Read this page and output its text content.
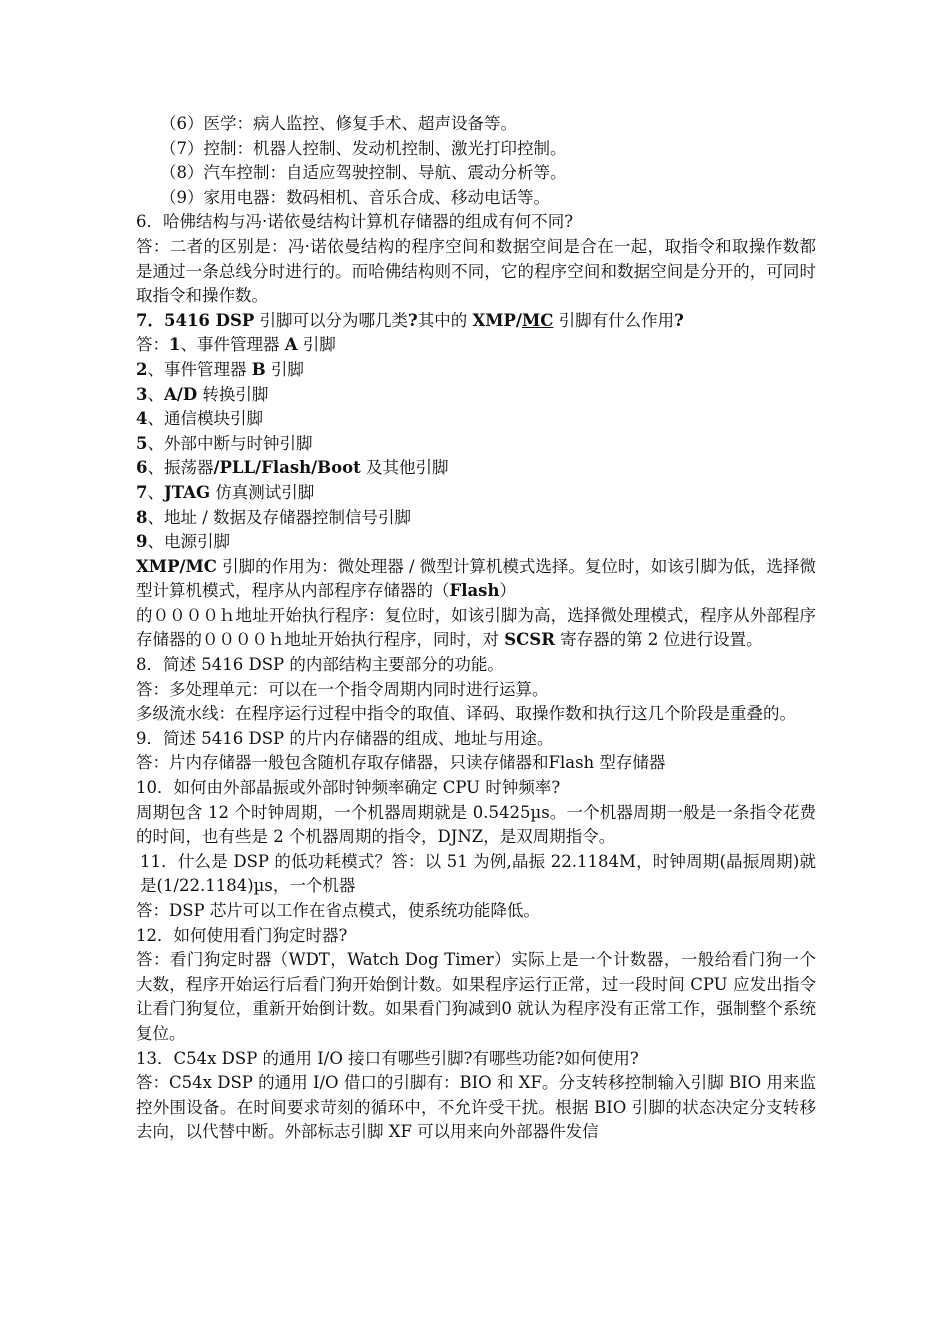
（6）医学：病人监控、修复手术、超声设备等。

（7）控制：机器人控制、发动机控制、激光打印控制。

（8）汽车控制：自适应驾驶控制、导航、震动分析等。

（9）家用电器：数码相机、音乐合成、移动电话等。

6．哈佛结构与冯·诺依曼结构计算机存储器的组成有何不同?

答：二者的区别是：冯·诺依曼结构的程序空间和数据空间是合在一起，取指令和取操作数都是通过一条总线分时进行的。而哈佛结构则不同，它的程序空间和数据空间是分开的，可同时取指令和操作数。

7．5416 DSP 引脚可以分为哪几类?其中的 XMP/MC 引脚有什么作用?

答：1、事件管理器 A 引脚

2、事件管理器 B 引脚

3、A/D 转换引脚

4、通信模块引脚

5、外部中断与时钟引脚

6、振荡器/PLL/Flash/Boot 及其他引脚

7、JTAG 仿真测试引脚

8、地址 / 数据及存储器控制信号引脚

9、电源引脚

XMP/MC 引脚的作用为：微处理器 / 微型计算机模式选择。复位时，如该引脚为低，选择微型计算机模式，程序从内部程序存储器的（Flash）

的００００ｈ地址开始执行程序：复位时，如该引脚为高，选择微处理模式，程序从外部程序存储器的００００ｈ地址开始执行程序，同时，对 SCSR 寄存器的第 2 位进行设置。

8．简述 5416 DSP 的内部结构主要部分的功能。

答：多处理单元：可以在一个指令周期内同时进行运算。

多级流水线：在程序运行过程中指令的取值、译码、取操作数和执行这几个阶段是重叠的。

9．简述 5416 DSP 的片内存储器的组成、地址与用途。

答：片内存储器一般包含随机存取存储器，只读存储器和Flash 型存储器

10．如何由外部晶振或外部时钟频率确定 CPU 时钟频率?

周期包含 12 个时钟周期，一个机器周期就是 0.5425µs。一个机器周期一般是一条指令花费的时间，也有些是 2 个机器周期的指令，DJNZ，是双周期指令。

11．什么是 DSP 的低功耗模式？答：以 51 为例,晶振 22.1184M，时钟周期(晶振周期)就是(1/22.1184)µs，一个机器

答：DSP 芯片可以工作在省点模式，使系统功能降低。

12．如何使用看门狗定时器?

答：看门狗定时器（WDT，Watch Dog Timer）实际上是一个计数器，一般给看门狗一个大数，程序开始运行后看门狗开始倒计数。如果程序运行正常，过一段时间 CPU 应发出指令让看门狗复位，重新开始倒计数。如果看门狗减到0 就认为程序没有正常工作，强制整个系统复位。

13．C54x DSP 的通用 I/O 接口有哪些引脚?有哪些功能?如何使用?

答：C54x DSP 的通用 I/O 借口的引脚有：BIO 和 XF。分支转移控制输入引脚 BIO 用来监控外围设备。在时间要求苛刻的循环中，不允许受干扰。根据 BIO 引脚的状态决定分支转移去向，以代替中断。外部标志引脚 XF 可以用来向外部器件发信
